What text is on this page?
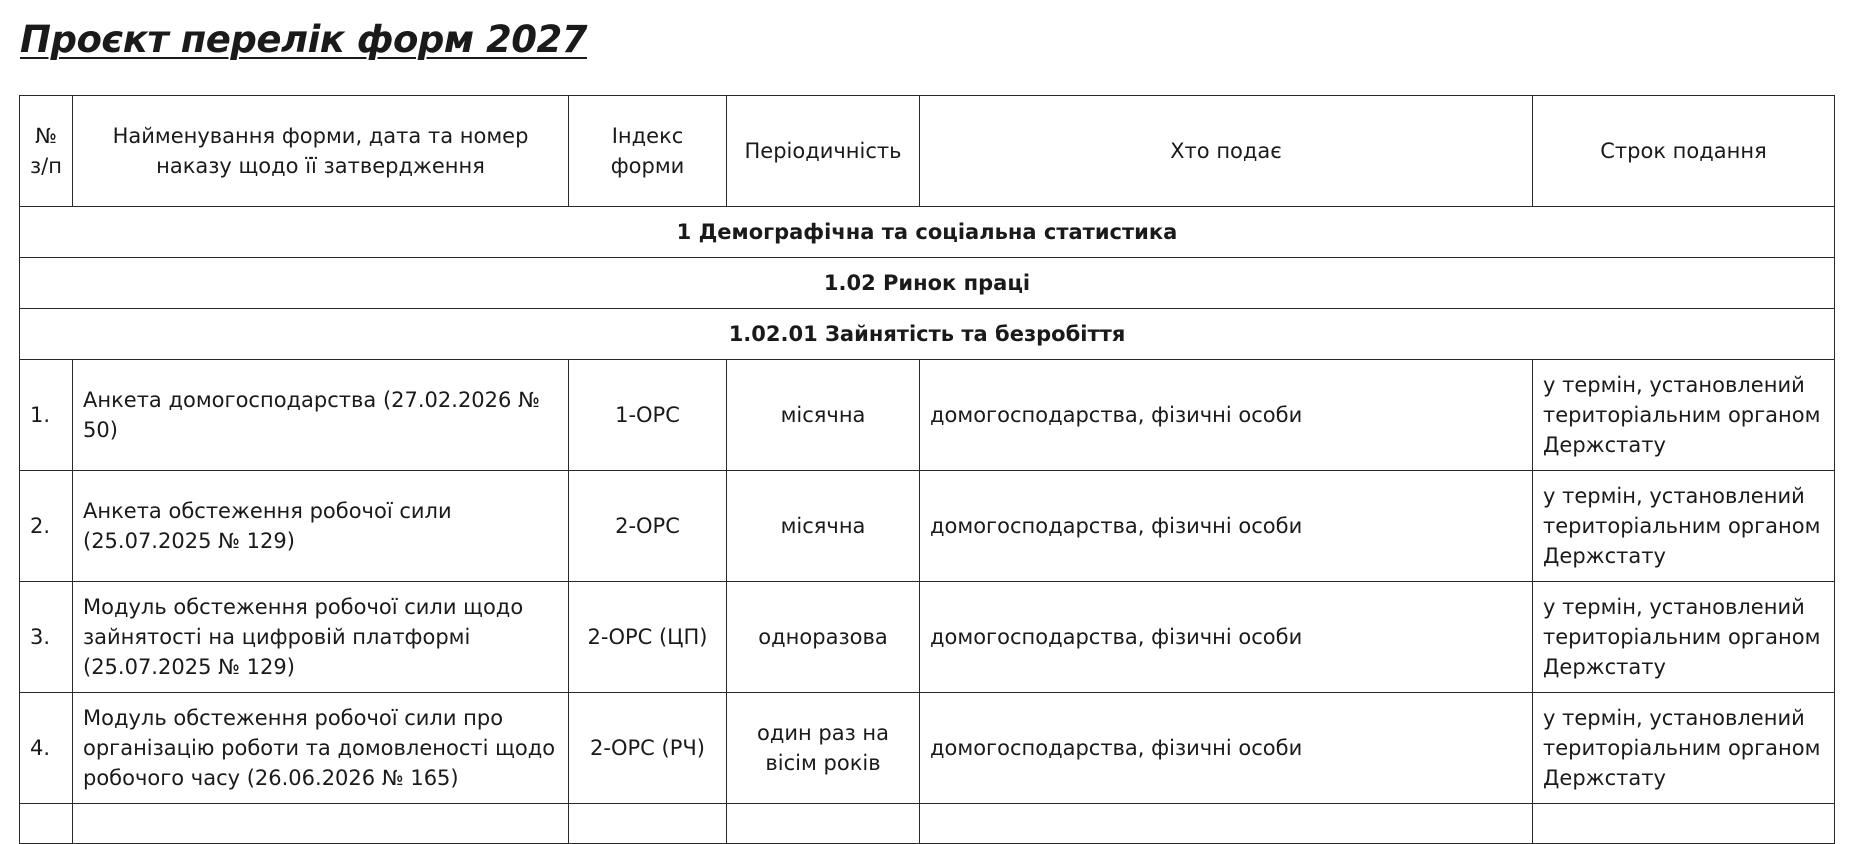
Проєкт перелік форм 2027
№ з/п	Найменування форми, дата та номер наказу щодо її затвердження	Індекс форми	Періодичність	Хто подає	Строк подання
1 Демографічна та соціальна статистика					
1.02 Ринок праці					
1.02.01 Зайнятість та безробіття					
1.	Анкета домогосподарства (27.02.2026 № 50)	1-ОРС	місячна	домогосподарства, фізичні особи	у термін, установлений територіальним органом Держстату
2.	Анкета обстеження робочої сили (25.07.2025 № 129)	2-ОРС	місячна	домогосподарства, фізичні особи	у термін, установлений територіальним органом Держстату
3.	Модуль обстеження робочої сили щодо зайнятості на цифровій платформі (25.07.2025 № 129)	2-ОРС (ЦП)	одноразова	домогосподарства, фізичні особи	у термін, установлений територіальним органом Держстату
4.	Модуль обстеження робочої сили про організацію роботи та домовленості щодо робочого часу (26.06.2026 № 165)	2-ОРС (РЧ)	один раз на вісім років	домогосподарства, фізичні особи	у термін, установлений територіальним органом Держстату
